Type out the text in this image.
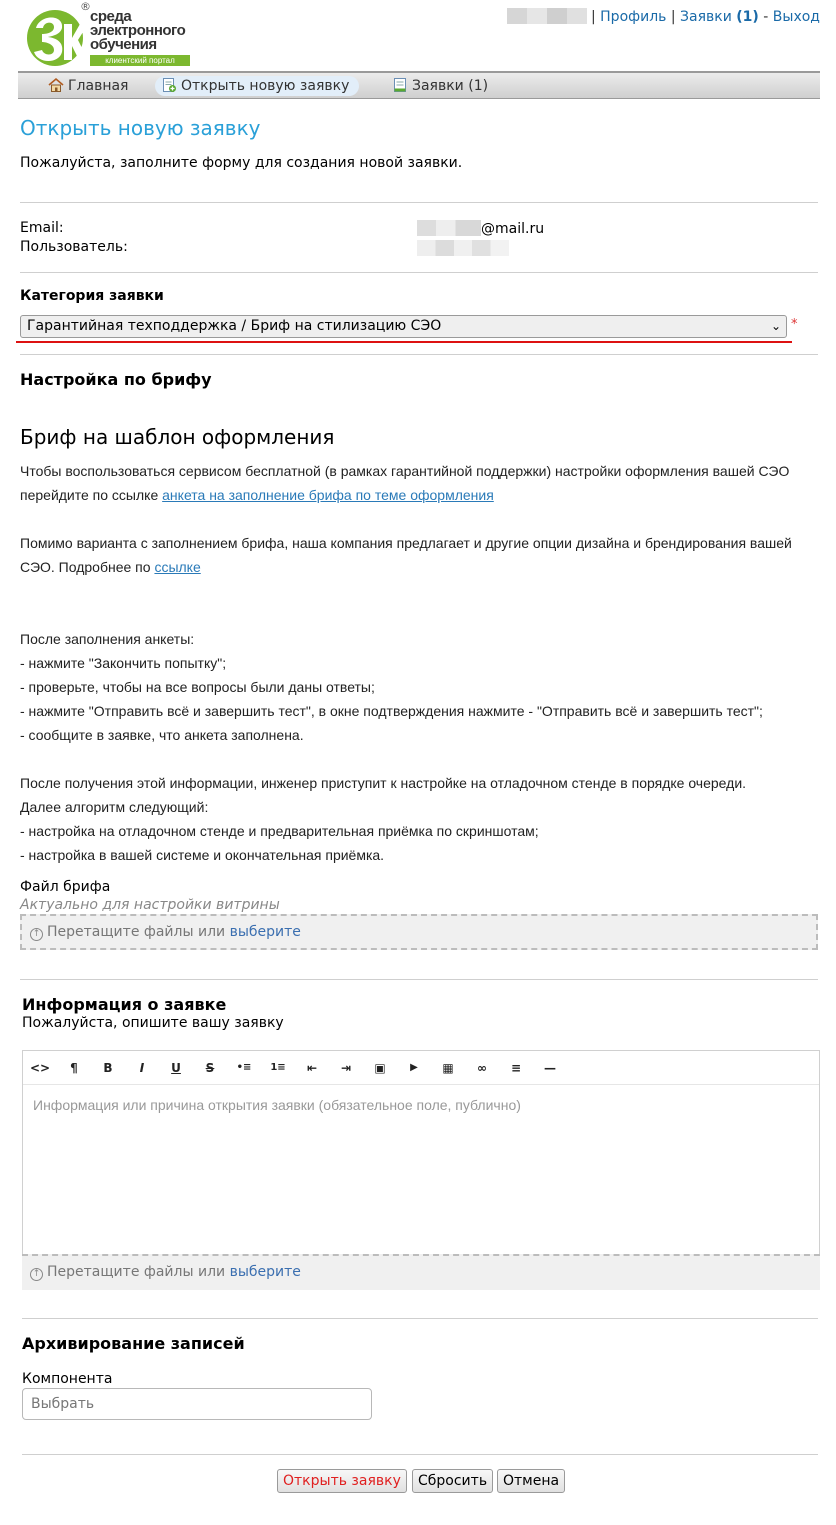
®
среда
электронного
обучения
клиентский портал
| Профиль | Заявки (1) - Выход
Главная	Открыть новую заявку	Заявки (1)
Открыть новую заявку
Пожалуйста, заполните форму для создания новой заявки.
Email:
Пользователь:
@mail.ru
Категория заявки
Гарантийная техподдержка / Бриф на стилизацию СЭО	⌄ *
Настройка по брифу
Бриф на шаблон оформления
Чтобы воспользоваться сервисом бесплатной (в рамках гарантийной поддержки) настройки оформления вашей СЭО перейдите по ссылке анкета на заполнение брифа по теме оформления
Помимо варианта с заполнением брифа, наша компания предлагает и другие опции дизайна и брендирования вашей СЭО. Подробнее по ссылке
После заполнения анкеты:
- нажмите "Закончить попытку";
- проверьте, чтобы на все вопросы были даны ответы;
- нажмите "Отправить всё и завершить тест", в окне подтверждения нажмите - "Отправить всё и завершить тест";
- сообщите в заявке, что анкета заполнена.
После получения этой информации, инженер приступит к настройке на отладочном стенде в порядке очереди.
Далее алгоритм следующий:
- настройка на отладочном стенде и предварительная приёмка по скриншотам;
- настройка в вашей системе и окончательная приёмка.
Файл брифа
Актуально для настройки витрины
↑ Перетащите файлы или выберите
Информация о заявке
Пожалуйста, опишите вашу заявку
<>	¶	B	I	U	S	•≡	1≡	⇤	⇥	▣	▶	▦	∞	≡	—
Информация или причина открытия заявки (обязательное поле, публично)
↑ Перетащите файлы или выберите
Архивирование записей
Компонента
Выбрать
Открыть заявку	Сбросить	Отмена
